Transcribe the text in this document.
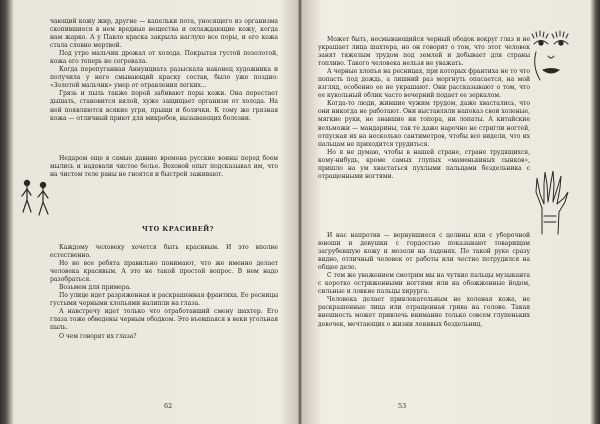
чающий кожу жир, другие — капельки пота, уносящего из организма скопившиеся в нем вредные вещества и охлаждающие кожу, когда нам жарко. А у Павло краска закрыла наглухо все поры, и его кожа стала словно мертвой.

Под утро мальчик дрожал от холода. Покрытая густой позолотой, кожа его теперь не согревала.

Когда перепуганная Аннунциата разыскала наконец художника и получила у него смывающий краску состав, было уже поздно: «Золотой мальчик» умер от отравления легких...

Грязь и пыль также порой забивают поры кожи. Она перестает дышать, становится вялой, хуже защищает организм от холода. На ней появляются всякие угри, прыщи и болячки. К тому же грязная кожа — отличный приют для микробов, вызывающих болезни.

Недаром еще в самые давние времена русские воины перед боем мылись и надевали чистое белье. Веховой опыт подсказывал им, что на чистом теле раны не гноятся и быстрей заживают.

ЧТО КРАСИВЕЙ?

Каждому человеку хочется быть красивым. И это вполне естественно.

Но не все ребята правильно понимают, что же именно делает человека красивым. А это не такой простой вопрос. В нем надо разобраться.

Возьмем для примера.

По улице идет разряженная и раскрашенная франтиха. Ее ресницы густыми черными хлопьями налипли на глаза.

А навстречу идет только что отработавший смену шахтер. Его глаза тоже обведены черным ободком. Это въевшаяся в веки угольная пыль.

О чем говорят их глаза?

62

Может быть, несмывающийся черный ободок вокруг глаз и не украшает лица шахтера, но он говорит о том, что этот человек занят тяжелым трудом под землей и добывает для страны топливо. Такого человека нельзя не уважать.

А черные хлопья на ресницах, при которых франтиха не то что попасть под дождь, а лишний раз моргнуть опасается, на мой взгляд, особенно ее не украшают. Они рассказывают о том, что ее кукольный облик часто вечерний подает ее зеркалом.

Когда-то люди, жившие чужим трудом, даже хвастались, что они никогда не работают. Они выставляли напоказ свои холеные, мягкие руки, не знавшие ни топора, ни лопаты. А китайские вельможи — мандарины, так те даже нарочно не стригли ногтей, отпуская их на несколько сантиметров, чтобы все видели, что их пальцам не приходится трудиться.

Но я не думаю, чтобы в нашей стране, стране трудящихся, кому-нибудь, кроме самых глупых «маменькиных сынков», пришло на ум хвастаться пухлыми пальцами бездельника с отращенными ногтями.

И нас напротив — вернувшиеся с целины или с уборочной юноши и девушки с гордостью показывают товарищам загрубевшую кожу и мозоли на ладонях. По такой руке сразу видно, отличный человек от работы или честно потрудился на общее дело.

С тем же уважением смотрим мы на чуткие пальцы музыканта с коротко остриженными ногтями или на обожженные йодом, сильные и ловкие пальцы хирурга.

Человека делает привлекательным не холеная кожа, не раскрашенные лица или отращенная грива на голове. Такая внешность может привлечь внимание только совсем глупеньких девочек, мечтающих о жизни ленивых бездельниц.

53
